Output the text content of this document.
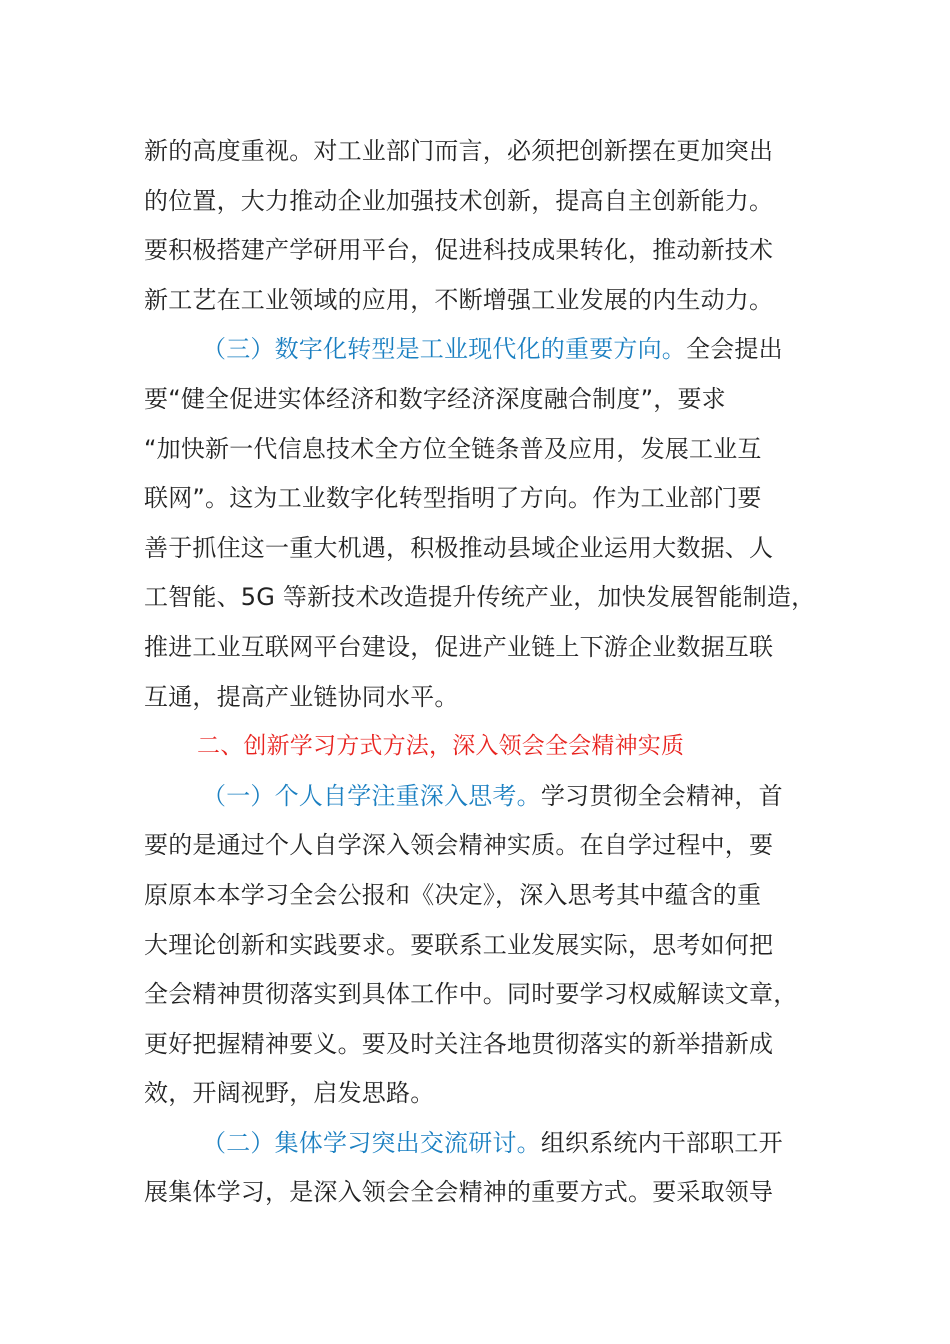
新的高度重视。对工业部门而言，必须把创新摆在更加突出
的位置，大力推动企业加强技术创新，提高自主创新能力。
要积极搭建产学研用平台，促进科技成果转化，推动新技术
新工艺在工业领域的应用，不断增强工业发展的内生动力。
（三）数字化转型是工业现代化的重要方向。全会提出
要“健全促进实体经济和数字经济深度融合制度”，要求
“加快新一代信息技术全方位全链条普及应用，发展工业互
联网”。这为工业数字化转型指明了方向。作为工业部门要
善于抓住这一重大机遇，积极推动县域企业运用大数据、人
工智能、5G 等新技术改造提升传统产业，加快发展智能制造，
推进工业互联网平台建设，促进产业链上下游企业数据互联
互通，提高产业链协同水平。
二、创新学习方式方法，深入领会全会精神实质
（一）个人自学注重深入思考。学习贯彻全会精神，首
要的是通过个人自学深入领会精神实质。在自学过程中，要
原原本本学习全会公报和《决定》，深入思考其中蕴含的重
大理论创新和实践要求。要联系工业发展实际，思考如何把
全会精神贯彻落实到具体工作中。同时要学习权威解读文章，
更好把握精神要义。要及时关注各地贯彻落实的新举措新成
效，开阔视野，启发思路。
（二）集体学习突出交流研讨。组织系统内干部职工开
展集体学习，是深入领会全会精神的重要方式。要采取领导
